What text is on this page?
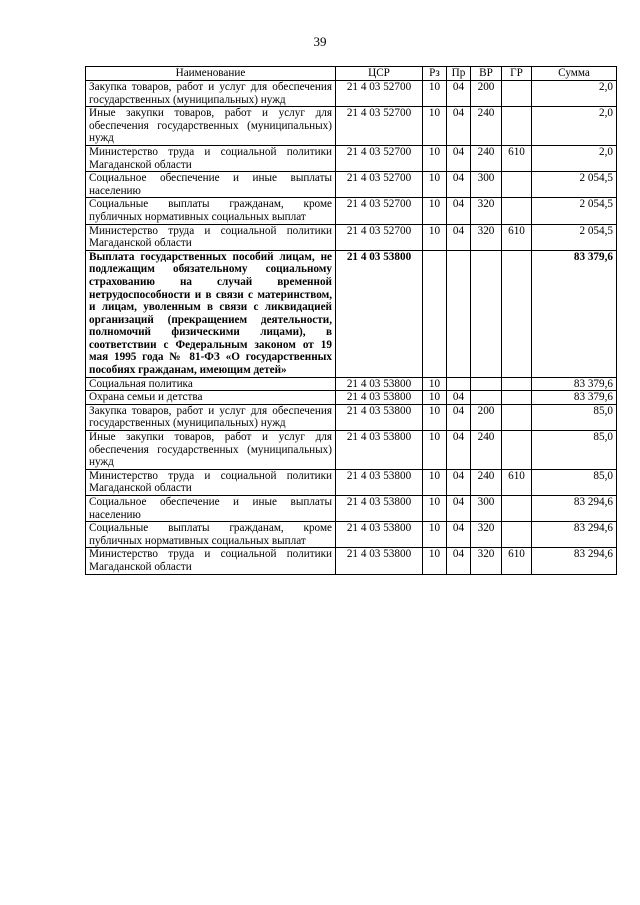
39
Наименование	ЦСР	Рз	Пр	ВР	ГР	Сумма
Закупка товаров, работ и услуг для обеспечения государственных (муниципальных) нужд	21 4 03 52700	10	04	200		2,0
Иные закупки товаров, работ и услуг для обеспечения государственных (муниципальных) нужд	21 4 03 52700	10	04	240		2,0
Министерство труда и социальной политики Магаданской области	21 4 03 52700	10	04	240	610	2,0
Социальное обеспечение и иные выплаты населению	21 4 03 52700	10	04	300		2 054,5
Социальные выплаты гражданам, кроме публичных нормативных социальных выплат	21 4 03 52700	10	04	320		2 054,5
Министерство труда и социальной политики Магаданской области	21 4 03 52700	10	04	320	610	2 054,5
Выплата государственных пособий лицам, не подлежащим обязательному социальному страхованию на случай временной нетрудоспособности и в связи с материнством, и лицам, уволенным в связи с ликвидацией организаций (прекращением деятельности, полномочий физическими лицами), в соответствии с Федеральным законом от 19 мая 1995 года № 81-ФЗ «О государственных пособиях гражданам, имеющим детей»	21 4 03 53800					83 379,6
Социальная политика	21 4 03 53800	10				83 379,6
Охрана семьи и детства	21 4 03 53800	10	04			83 379,6
Закупка товаров, работ и услуг для обеспечения государственных (муниципальных) нужд	21 4 03 53800	10	04	200		85,0
Иные закупки товаров, работ и услуг для обеспечения государственных (муниципальных) нужд	21 4 03 53800	10	04	240		85,0
Министерство труда и социальной политики Магаданской области	21 4 03 53800	10	04	240	610	85,0
Социальное обеспечение и иные выплаты населению	21 4 03 53800	10	04	300		83 294,6
Социальные выплаты гражданам, кроме публичных нормативных социальных выплат	21 4 03 53800	10	04	320		83 294,6
Министерство труда и социальной политики Магаданской области	21 4 03 53800	10	04	320	610	83 294,6
